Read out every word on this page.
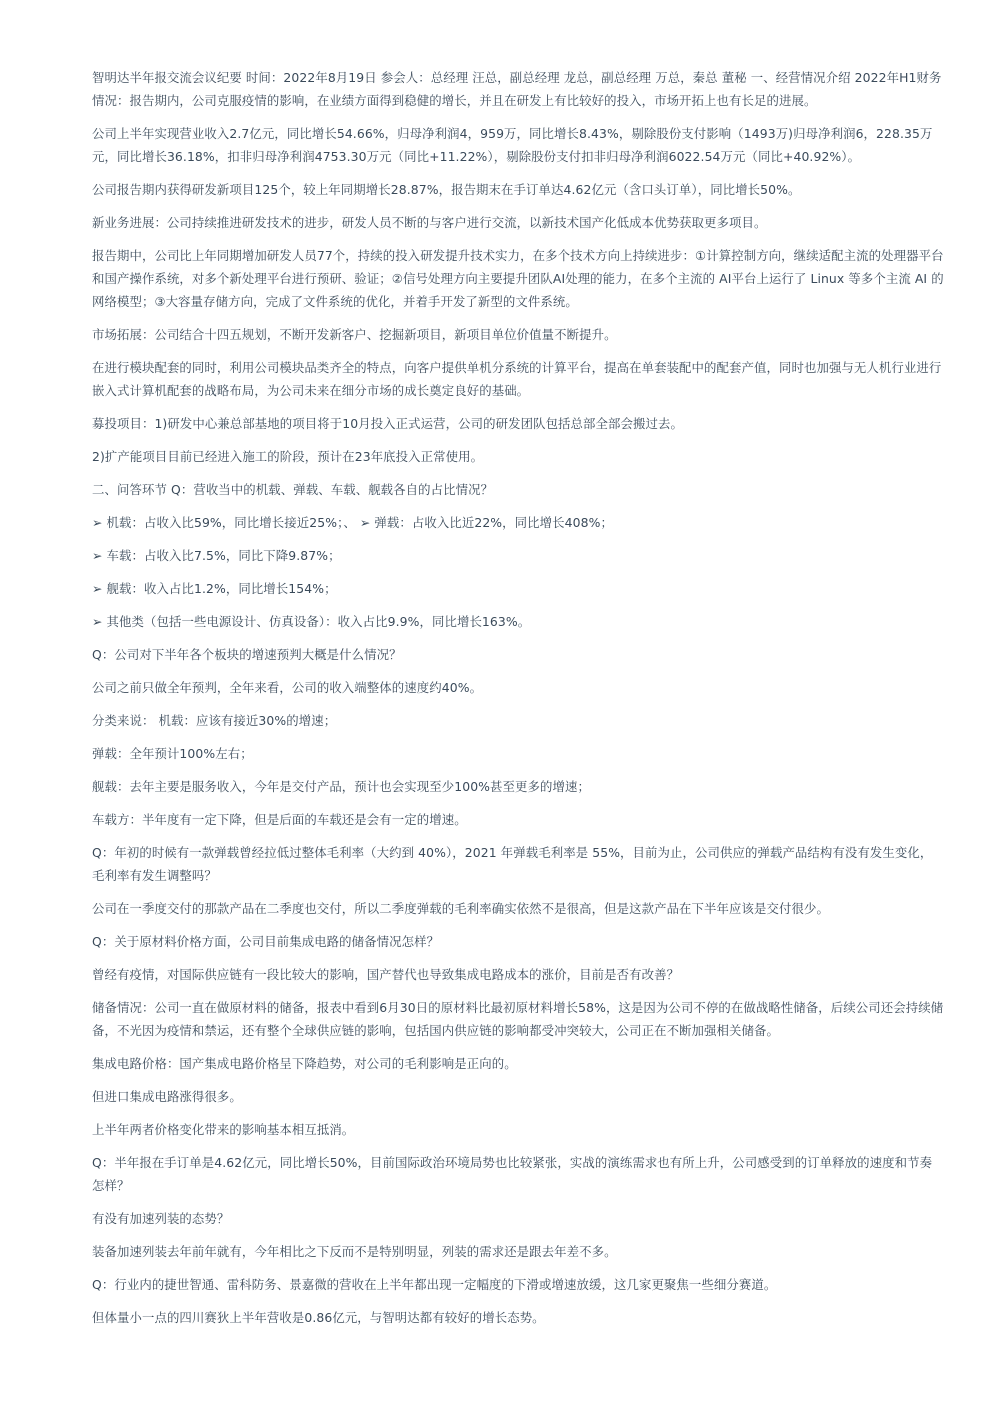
智明达半年报交流会议纪要 时间：2022年8月19日 参会人：总经理 汪总，副总经理 龙总，副总经理 万总，秦总 董秘 一、经营情况介绍 2022年H1财务情况：报告期内，公司克服疫情的影响，在业绩方面得到稳健的增长，并且在研发上有比较好的投入，市场开拓上也有长足的进展。

公司上半年实现营业收入2.7亿元，同比增长54.66%，归母净利润4，959万，同比增长8.43%，剔除股份支付影响（1493万)归母净利润6，228.35万元，同比增长36.18%，扣非归母净利润4753.30万元（同比+11.22%），剔除股份支付扣非归母净利润6022.54万元（同比+40.92%）。

公司报告期内获得研发新项目125个，较上年同期增长28.87%，报告期末在手订单达4.62亿元（含口头订单），同比增长50%。

新业务进展：公司持续推进研发技术的进步，研发人员不断的与客户进行交流，以新技术国产化低成本优势获取更多项目。

报告期中，公司比上年同期增加研发人员77个，持续的投入研发提升技术实力，在多个技术方向上持续进步：①计算控制方向，继续适配主流的处理器平台和国产操作系统，对多个新处理平台进行预研、验证；②信号处理方向主要提升团队AI处理的能力，在多个主流的 AI平台上运行了 Linux 等多个主流 AI 的网络模型；③大容量存储方向，完成了文件系统的优化，并着手开发了新型的文件系统。

市场拓展：公司结合十四五规划，不断开发新客户、挖掘新项目，新项目单位价值量不断提升。

在进行模块配套的同时，利用公司模块品类齐全的特点，向客户提供单机分系统的计算平台，提高在单套装配中的配套产值，同时也加强与无人机行业进行嵌入式计算机配套的战略布局，为公司未来在细分市场的成长奠定良好的基础。

募投项目：1)研发中心兼总部基地的项目将于10月投入正式运营，公司的研发团队包括总部全部会搬过去。

2)扩产能项目目前已经进入施工的阶段，预计在23年底投入正常使用。

二、问答环节 Q：营收当中的机载、弹载、车载、舰载各自的占比情况？

➢ 机载：占收入比59%，同比增长接近25%；、 ➢ 弹载：占收入比近22%，同比增长408%；

➢ 车载：占收入比7.5%，同比下降9.87%；

➢ 舰载：收入占比1.2%，同比增长154%；

➢ 其他类（包括一些电源设计、仿真设备）：收入占比9.9%，同比增长163%。

Q：公司对下半年各个板块的增速预判大概是什么情况？

公司之前只做全年预判，全年来看，公司的收入端整体的速度约40%。

分类来说： 机载：应该有接近30%的增速；

弹载：全年预计100%左右；

舰载：去年主要是服务收入，今年是交付产品，预计也会实现至少100%甚至更多的增速；

车载方：半年度有一定下降，但是后面的车载还是会有一定的增速。

Q：年初的时候有一款弹载曾经拉低过整体毛利率（大约到 40%），2021 年弹载毛利率是 55%，目前为止，公司供应的弹载产品结构有没有发生变化，毛利率有发生调整吗？

公司在一季度交付的那款产品在二季度也交付，所以二季度弹载的毛利率确实依然不是很高，但是这款产品在下半年应该是交付很少。

Q：关于原材料价格方面，公司目前集成电路的储备情况怎样？

曾经有疫情，对国际供应链有一段比较大的影响，国产替代也导致集成电路成本的涨价，目前是否有改善？

储备情况：公司一直在做原材料的储备，报表中看到6月30日的原材料比最初原材料增长58%，这是因为公司不停的在做战略性储备，后续公司还会持续储备，不光因为疫情和禁运，还有整个全球供应链的影响，包括国内供应链的影响都受冲突较大，公司正在不断加强相关储备。

集成电路价格：国产集成电路价格呈下降趋势，对公司的毛利影响是正向的。

但进口集成电路涨得很多。

上半年两者价格变化带来的影响基本相互抵消。

Q：半年报在手订单是4.62亿元，同比增长50%，目前国际政治环境局势也比较紧张，实战的演练需求也有所上升，公司感受到的订单释放的速度和节奏怎样？

有没有加速列装的态势？

装备加速列装去年前年就有，今年相比之下反而不是特别明显，列装的需求还是跟去年差不多。

Q：行业内的捷世智通、雷科防务、景嘉微的营收在上半年都出现一定幅度的下滑或增速放缓，这几家更聚焦一些细分赛道。

但体量小一点的四川赛狄上半年营收是0.86亿元，与智明达都有较好的增长态势。
